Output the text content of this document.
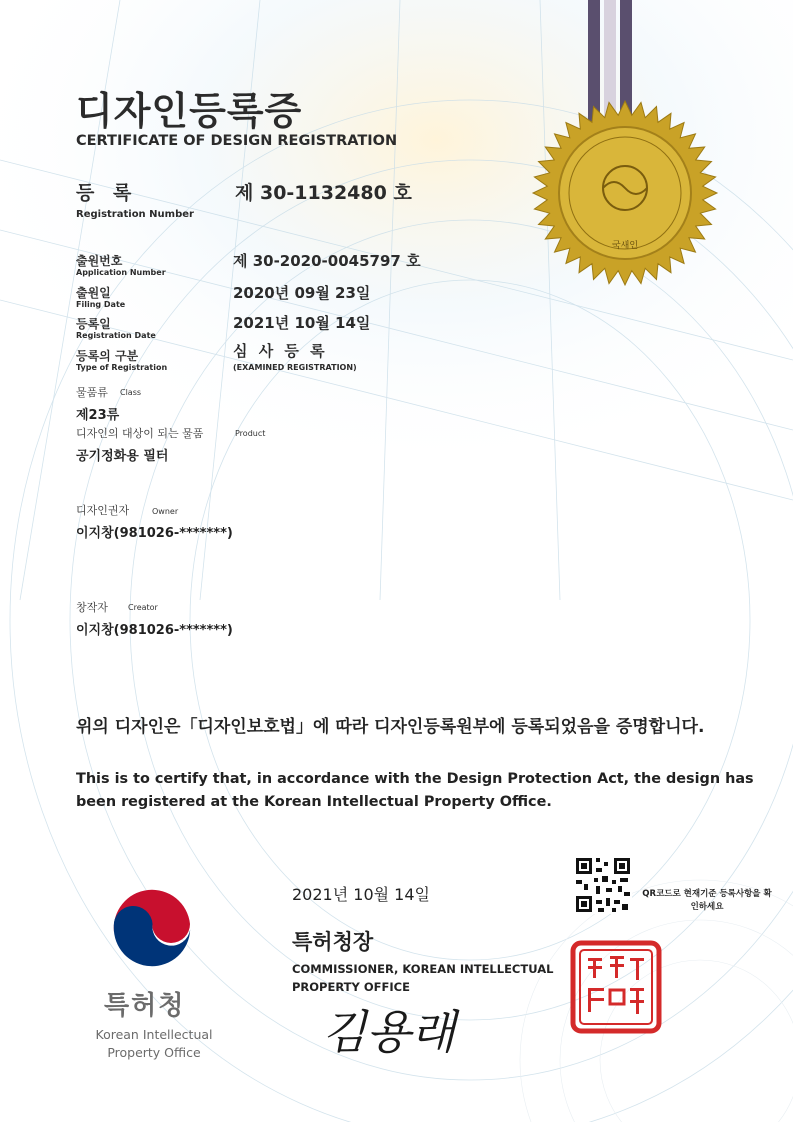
국새인
디자인등록증
CERTIFICATE OF DESIGN REGISTRATION
등 록
Registration Number
제 30-1132480 호
출원번호
Application Number
제 30-2020-0045797 호
출원일
Filing Date
2020년 09월 23일
등록일
Registration Date
2021년 10월 14일
등록의 구분
Type of Registration
심 사 등 록
(EXAMINED REGISTRATION)
물품류 Class
제23류
디자인의 대상이 되는 물품	Product
공기정화용 필터
디자인권자	Owner
이지창(981026-*******)
창작자	Creator
이지창(981026-*******)
위의 디자인은「디자인보호법」에 따라 디자인등록원부에 등록되었음을 증명합니다.
This is to certify that, in accordance with the Design Protection Act, the design has been registered at the Korean Intellectual Property Office.
특허청
Korean Intellectual Property Office
2021년 10월 14일
특허청장
COMMISSIONER, KOREAN INTELLECTUAL PROPERTY OFFICE
김용래
QR코드로 현재기준 등록사항을 확인하세요
특허청장의인
